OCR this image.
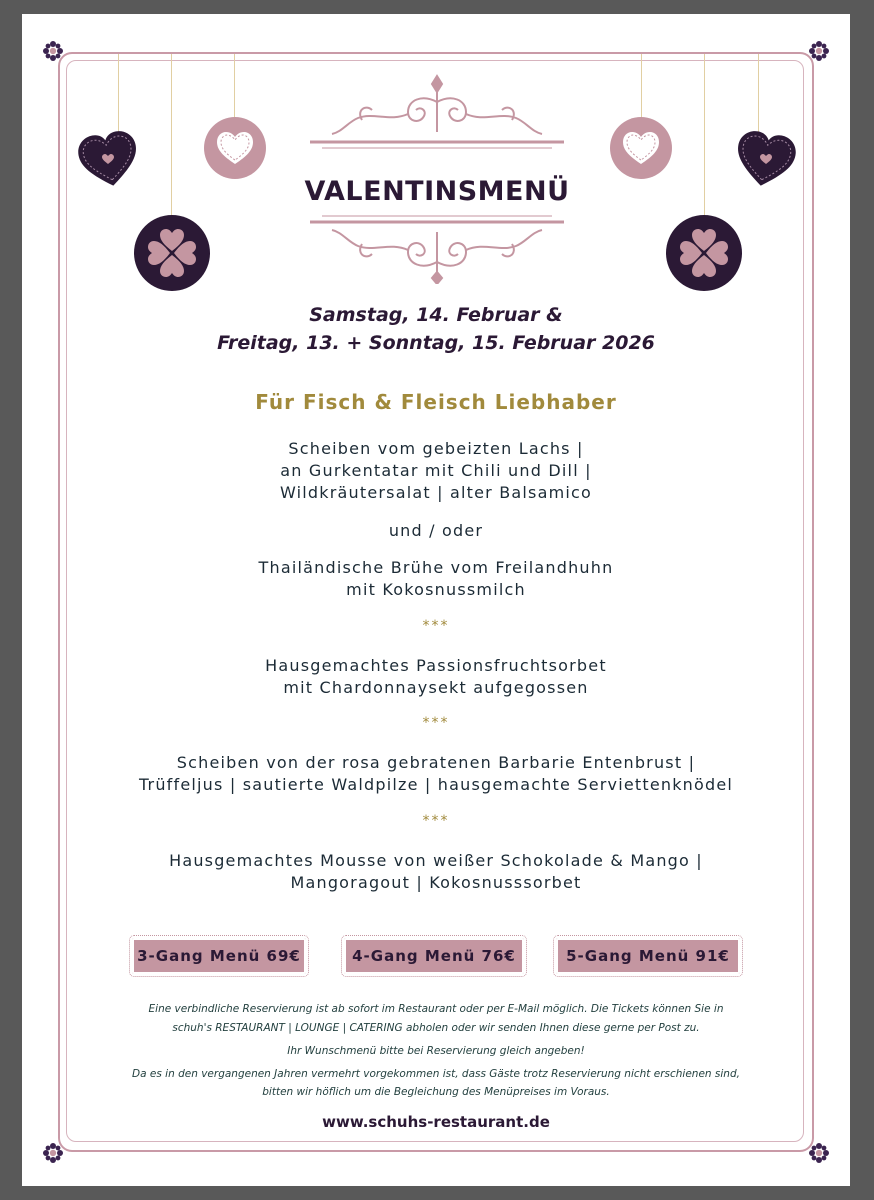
VALENTINSMENÜ
Samstag, 14. Februar &
Freitag, 13. + Sonntag, 15. Februar 2026
Für Fisch & Fleisch Liebhaber
Scheiben vom gebeizten Lachs |
an Gurkentatar mit Chili und Dill |
Wildkräutersalat | alter Balsamico
und / oder
Thailändische Brühe vom Freilandhuhn
mit Kokosnussmilch
***
Hausgemachtes Passionsfruchtsorbet
mit Chardonnaysekt aufgegossen
***
Scheiben von der rosa gebratenen Barbarie Entenbrust |
Trüffeljus | sautierte Waldpilze | hausgemachte Serviettenknödel
***
Hausgemachtes Mousse von weißer Schokolade & Mango |
Mangoragout | Kokosnusssorbet
3-Gang Menü 69€	4-Gang Menü 76€	5-Gang Menü 91€
Eine verbindliche Reservierung ist ab sofort im Restaurant oder per E-Mail möglich. Die Tickets können Sie in
schuh's RESTAURANT | LOUNGE | CATERING abholen oder wir senden Ihnen diese gerne per Post zu.
Ihr Wunschmenü bitte bei Reservierung gleich angeben!
Da es in den vergangenen Jahren vermehrt vorgekommen ist, dass Gäste trotz Reservierung nicht erschienen sind,
bitten wir höflich um die Begleichung des Menüpreises im Voraus.
www.schuhs-restaurant.de
